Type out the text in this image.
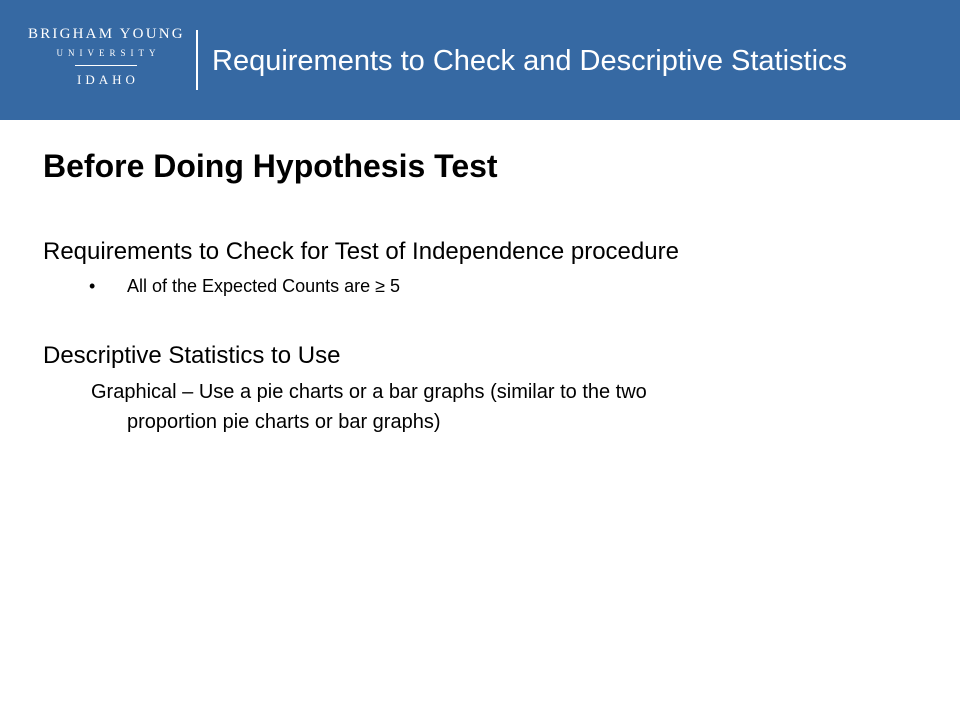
BRIGHAM YOUNG
UNIVERSITY
IDAHO
Requirements to Check and Descriptive Statistics
Before Doing Hypothesis Test
Requirements to Check for Test of Independence procedure
• All of the Expected Counts are ≥ 5
Descriptive Statistics to Use
Graphical – Use a pie charts or a bar graphs (similar to the two
proportion pie charts or bar graphs)
